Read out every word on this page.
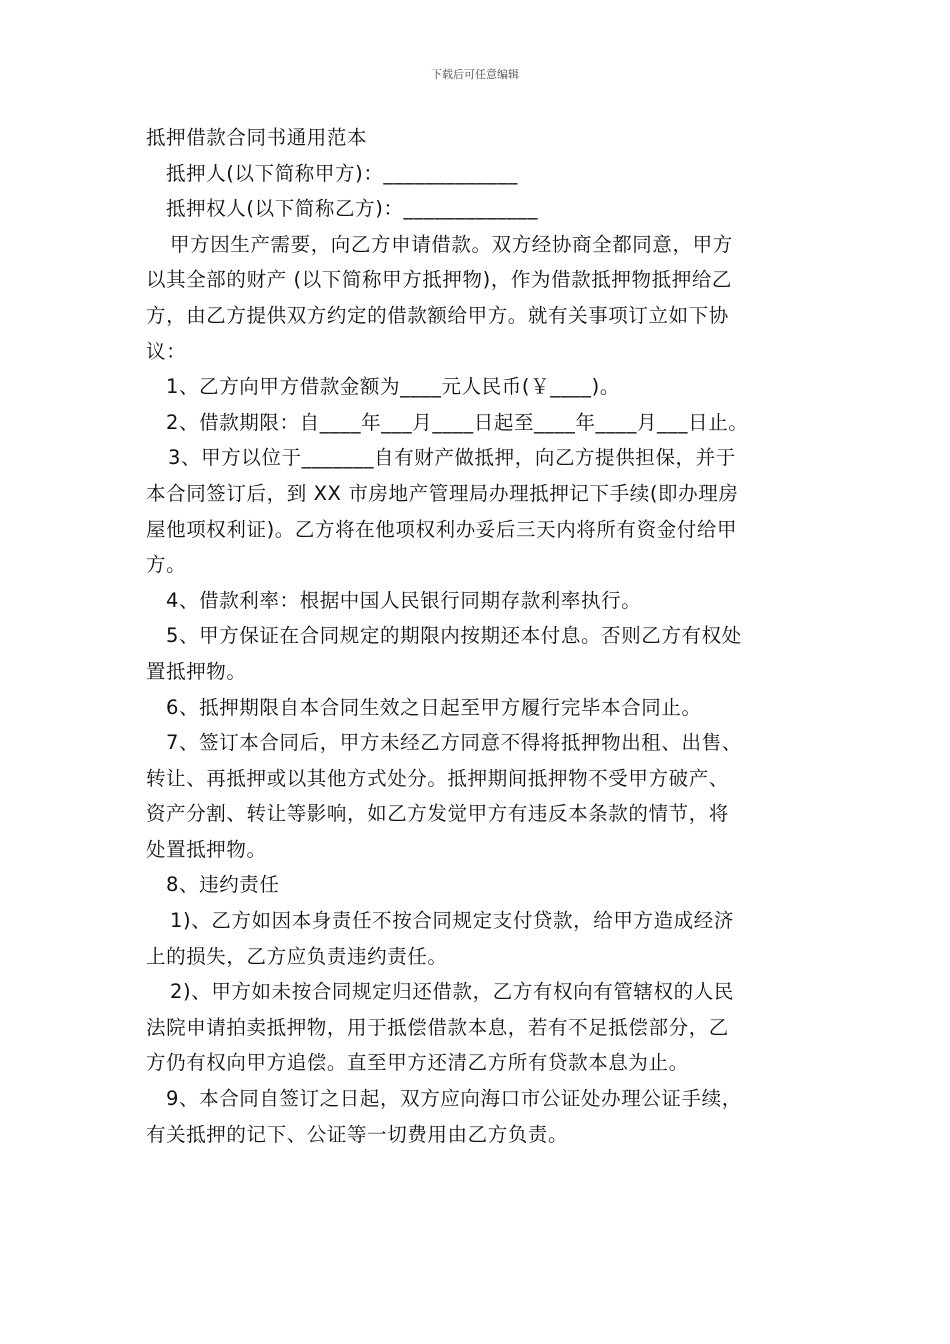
下载后可任意编辑
抵押借款合同书通用范本
抵押人(以下简称甲方)：_____________
抵押权人(以下简称乙方)：_____________
甲方因生产需要，向乙方申请借款。双方经协商全都同意，甲方
以其全部的财产 (以下简称甲方抵押物)，作为借款抵押物抵押给乙
方，由乙方提供双方约定的借款额给甲方。就有关事项订立如下协
议：
1、乙方向甲方借款金额为____元人民币(￥____)。
2、借款期限：自____年___月____日起至____年____月___日止。
3、甲方以位于_______自有财产做抵押，向乙方提供担保，并于
本合同签订后，到 XX 市房地产管理局办理抵押记下手续(即办理房
屋他项权利证)。乙方将在他项权利办妥后三天内将所有资金付给甲
方。
4、借款利率：根据中国人民银行同期存款利率执行。
5、甲方保证在合同规定的期限内按期还本付息。否则乙方有权处
置抵押物。
6、抵押期限自本合同生效之日起至甲方履行完毕本合同止。
7、签订本合同后，甲方未经乙方同意不得将抵押物出租、出售、
转让、再抵押或以其他方式处分。抵押期间抵押物不受甲方破产、
资产分割、转让等影响，如乙方发觉甲方有违反本条款的情节，将
处置抵押物。
8、违约责任
1)、乙方如因本身责任不按合同规定支付贷款，给甲方造成经济
上的损失，乙方应负责违约责任。
2)、甲方如未按合同规定归还借款，乙方有权向有管辖权的人民
法院申请拍卖抵押物，用于抵偿借款本息，若有不足抵偿部分，乙
方仍有权向甲方追偿。直至甲方还清乙方所有贷款本息为止。
9、本合同自签订之日起，双方应向海口市公证处办理公证手续，
有关抵押的记下、公证等一切费用由乙方负责。
